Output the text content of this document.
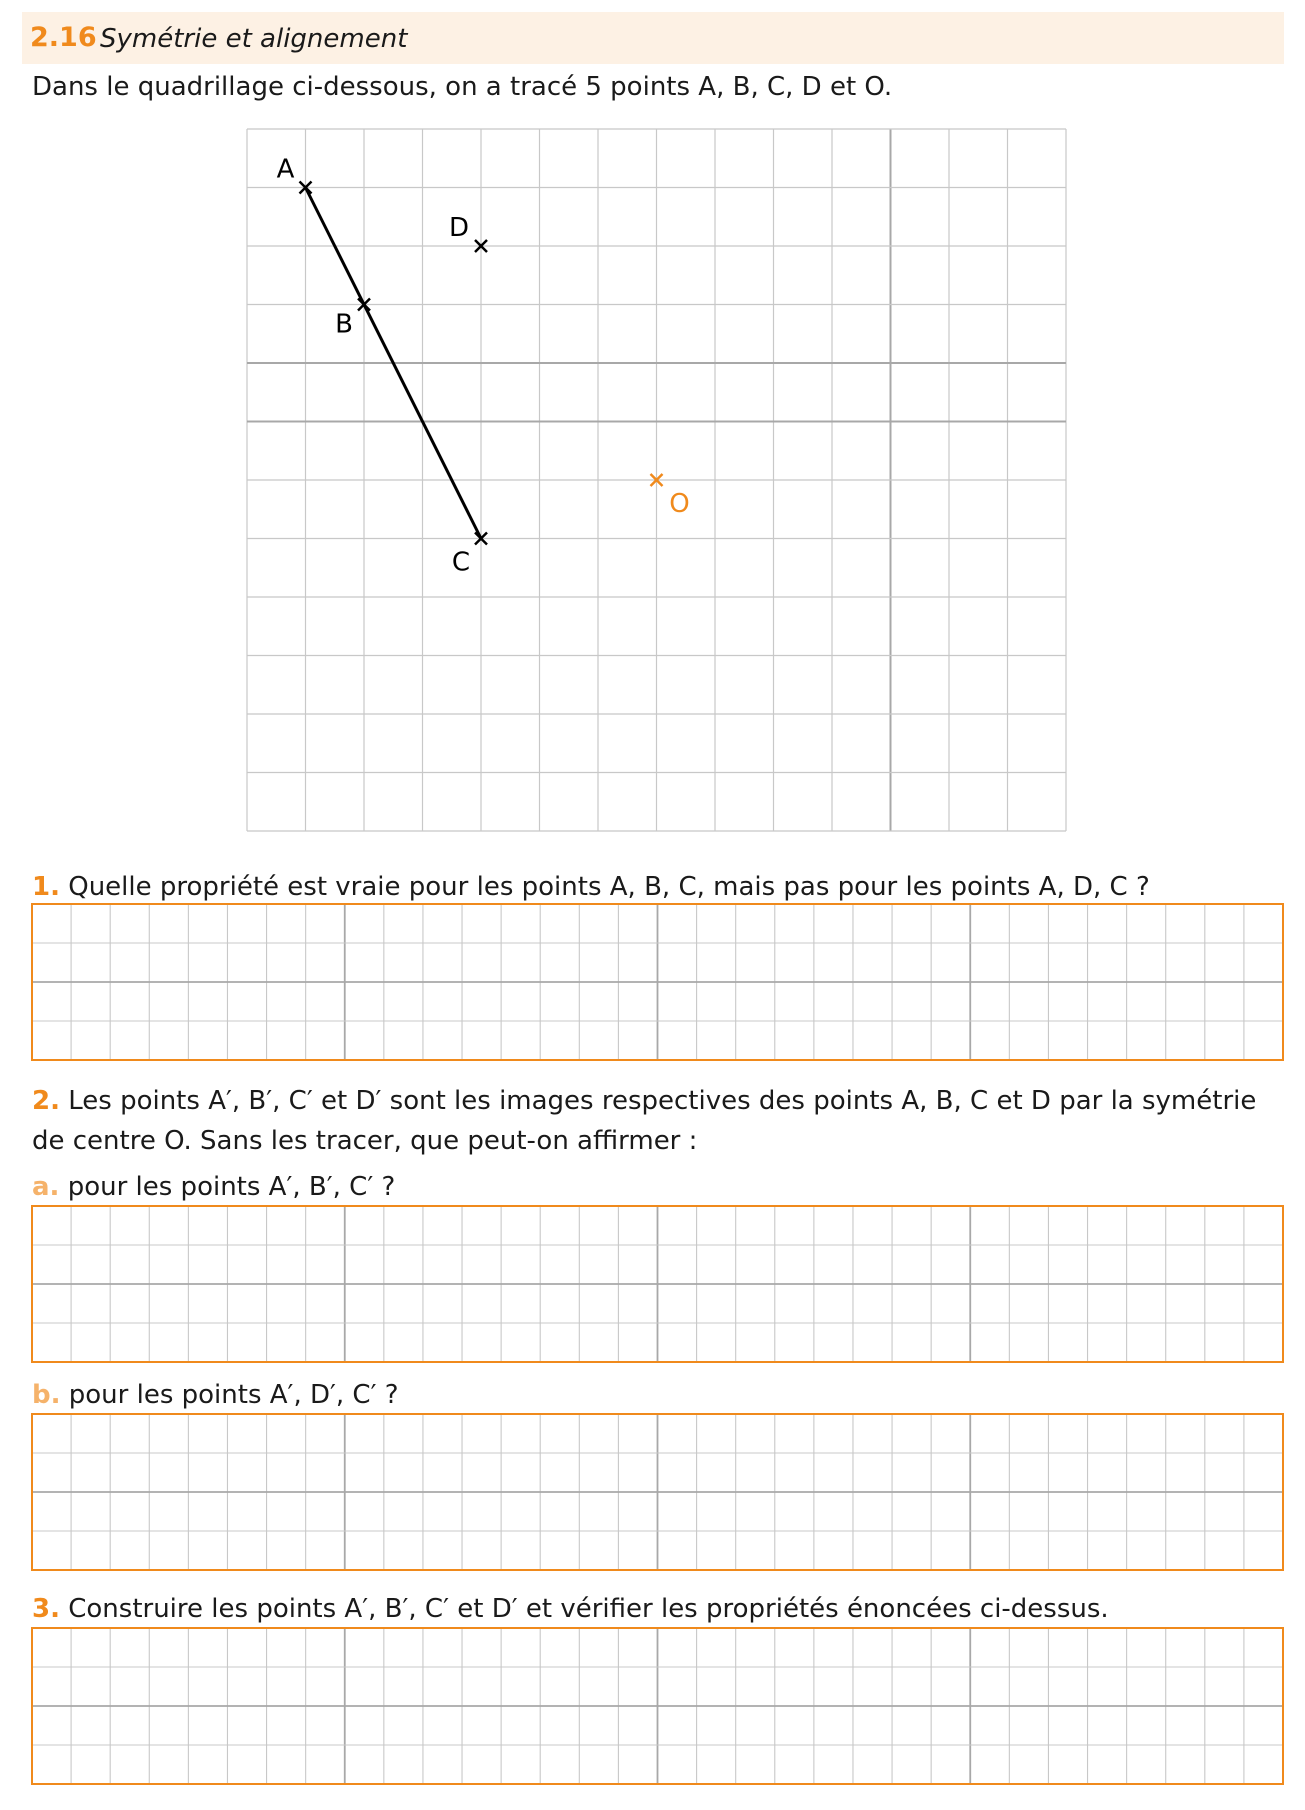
2.16 Symétrie et alignement
Dans le quadrillage ci-dessous, on a tracé 5 points A, B, C, D et O.
A
B
C
D
O
1. Quelle propriété est vraie pour les points A, B, C, mais pas pour les points A, D, C ?
2. Les points A′, B′, C′ et D′ sont les images respectives des points A, B, C et D par la symétrie
de centre O. Sans les tracer, que peut-on affirmer :
a. pour les points A′, B′, C′ ?
b. pour les points A′, D′, C′ ?
3. Construire les points A′, B′, C′ et D′ et vérifier les propriétés énoncées ci-dessus.
